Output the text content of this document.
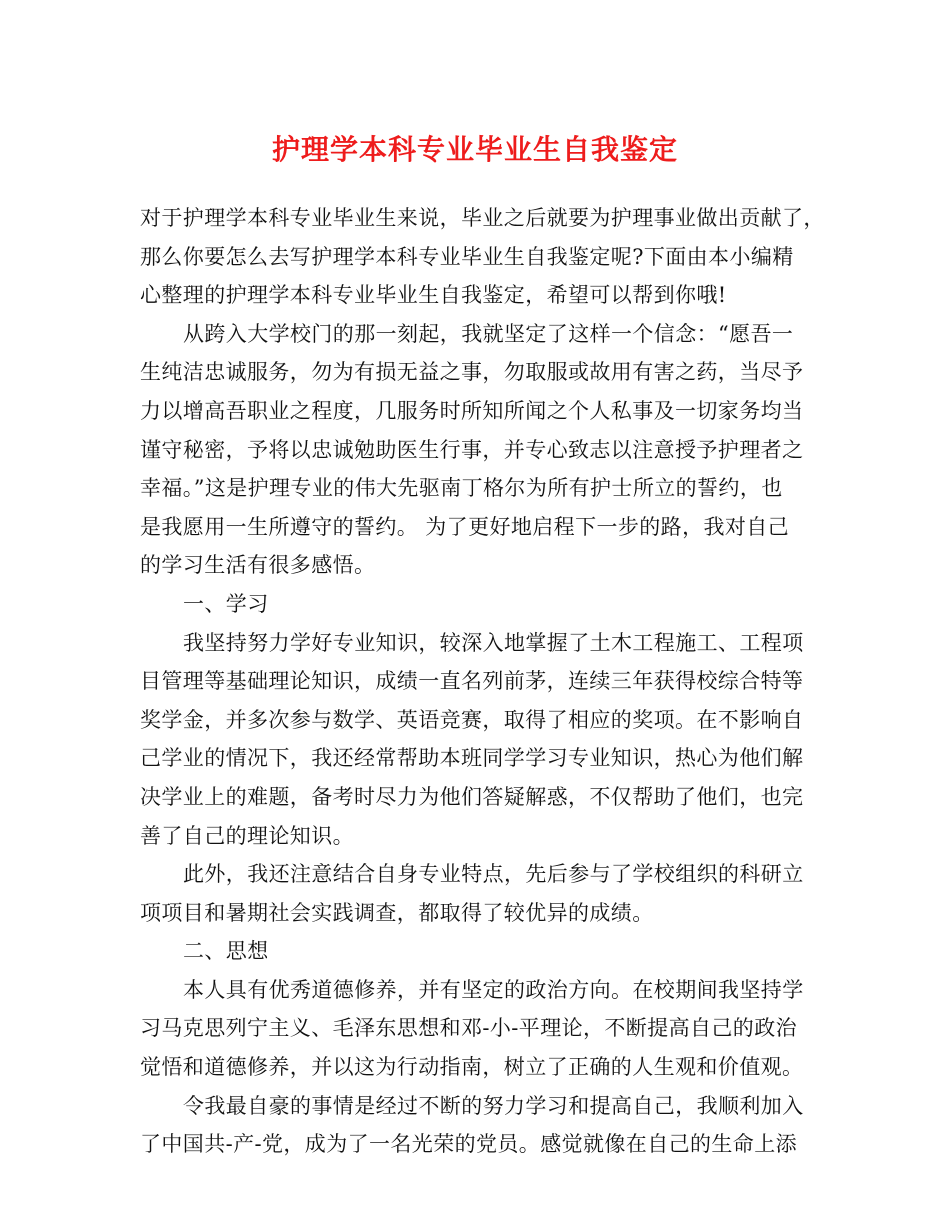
护理学本科专业毕业生自我鉴定
对于护理学本科专业毕业生来说，毕业之后就要为护理事业做出贡献了，
那么你要怎么去写护理学本科专业毕业生自我鉴定呢?下面由本小编精
心整理的护理学本科专业毕业生自我鉴定，希望可以帮到你哦!
从跨入大学校门的那一刻起，我就坚定了这样一个信念：“愿吾一
生纯洁忠诚服务，勿为有损无益之事，勿取服或故用有害之药，当尽予
力以增高吾职业之程度，几服务时所知所闻之个人私事及一切家务均当
谨守秘密，予将以忠诚勉助医生行事，并专心致志以注意授予护理者之
幸福。”这是护理专业的伟大先驱南丁格尔为所有护士所立的誓约，也
是我愿用一生所遵守的誓约。 为了更好地启程下一步的路，我对自己
的学习生活有很多感悟。
一、学习
我坚持努力学好专业知识，较深入地掌握了土木工程施工、工程项
目管理等基础理论知识，成绩一直名列前茅，连续三年获得校综合特等
奖学金，并多次参与数学、英语竞赛，取得了相应的奖项。在不影响自
己学业的情况下，我还经常帮助本班同学学习专业知识，热心为他们解
决学业上的难题，备考时尽力为他们答疑解惑，不仅帮助了他们，也完
善了自己的理论知识。
此外，我还注意结合自身专业特点，先后参与了学校组织的科研立
项项目和暑期社会实践调查，都取得了较优异的成绩。
二、思想
本人具有优秀道德修养，并有坚定的政治方向。在校期间我坚持学
习马克思列宁主义、毛泽东思想和邓-小-平理论，不断提高自己的政治
觉悟和道德修养，并以这为行动指南，树立了正确的人生观和价值观。
令我最自豪的事情是经过不断的努力学习和提高自己，我顺利加入
了中国共-产-党，成为了一名光荣的党员。感觉就像在自己的生命上添
